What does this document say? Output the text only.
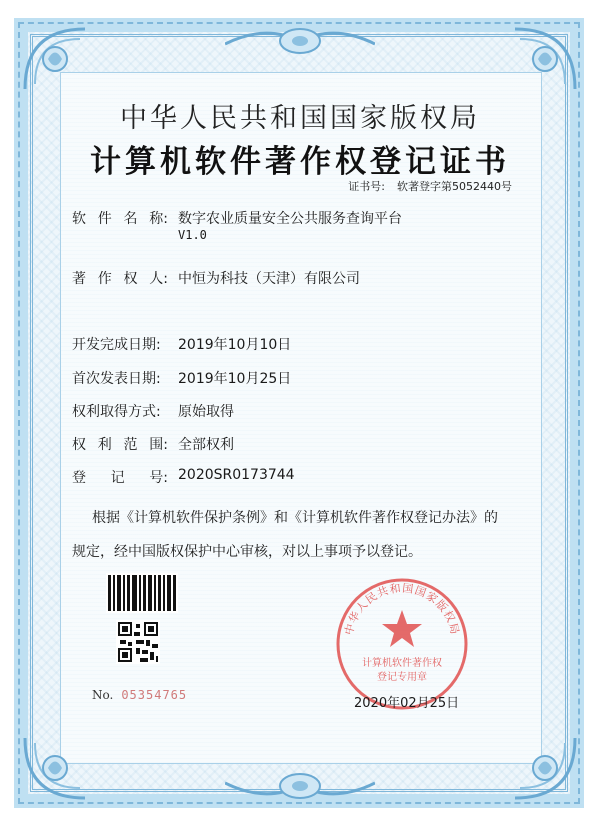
中华人民共和国国家版权局
计算机软件著作权登记证书
证书号: 软著登字第5052440号
软 件 名 称: 数字农业质量安全公共服务查询平台
V1.0
著 作 权 人: 中恒为科技（天津）有限公司
开发完成日期:	2019年10月10日
首次发表日期:	2019年10月25日
权利取得方式:	原始取得
权 利 范 围: 全部权利
登 记 号: 2020SR0173744
根据《计算机软件保护条例》和《计算机软件著作权登记办法》的
规定，经中国版权保护中心审核，对以上事项予以登记。
No. 05354765
中华人民共和国国家版权局
计算机软件著作权
登记专用章
2020年02月25日
